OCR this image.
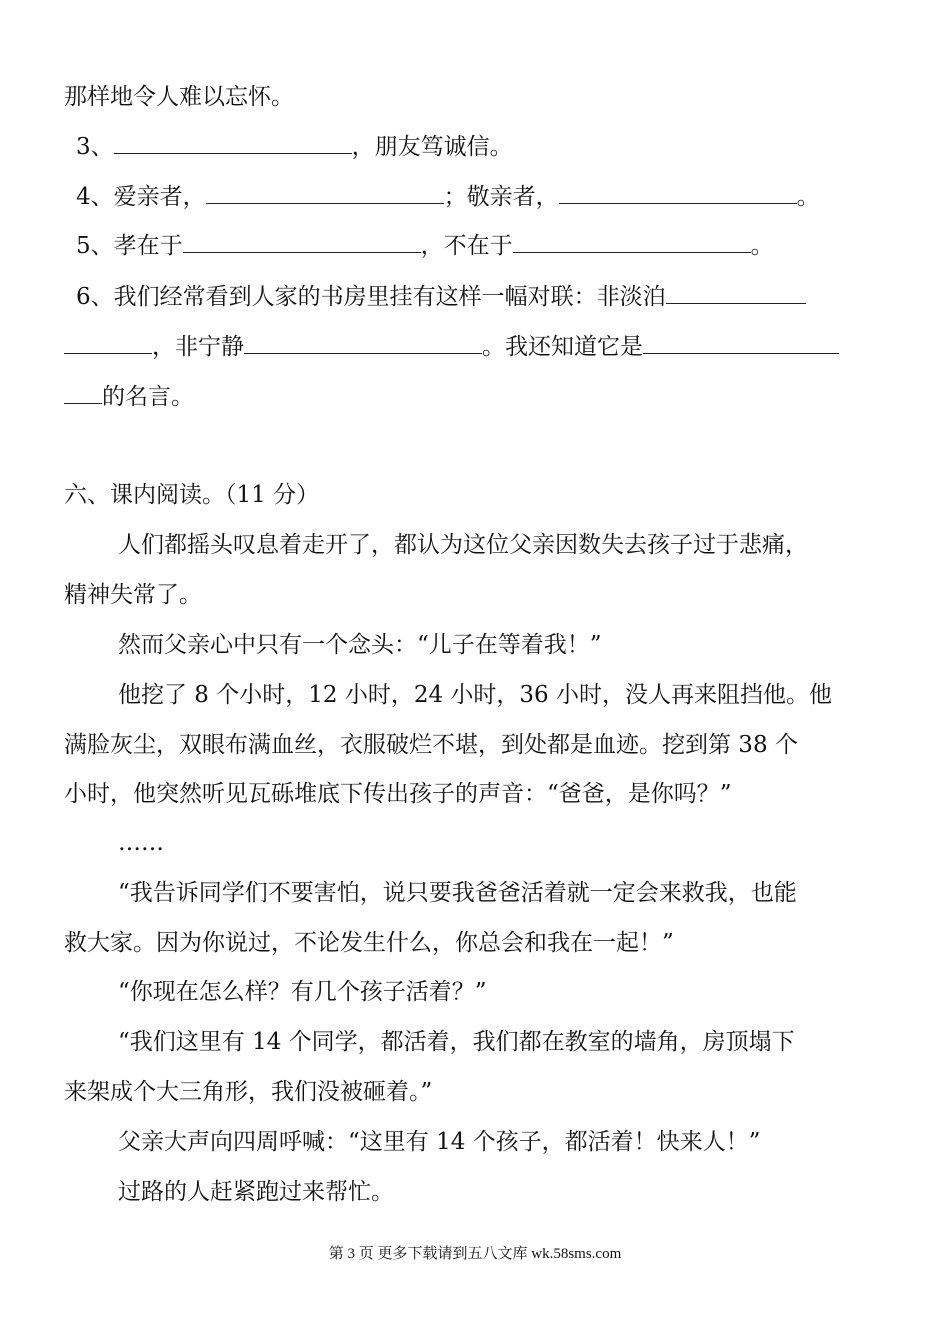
那样地令人难以忘怀。
3、	，朋友笃诚信。
4、爱亲者，	；敬亲者，	。
5、孝在于	，不在于	。
6、我们经常看到人家的书房里挂有这样一幅对联：非淡泊
，非宁静	。我还知道它是
的名言。
六、课内阅读。（11 分）
人们都摇头叹息着走开了，都认为这位父亲因数失去孩子过于悲痛，
精神失常了。
然而父亲心中只有一个念头：“儿子在等着我！”
他挖了 8 个小时，12 小时，24 小时，36 小时，没人再来阻挡他。他
满脸灰尘，双眼布满血丝，衣服破烂不堪，到处都是血迹。挖到第 38 个
小时，他突然听见瓦砾堆底下传出孩子的声音：“爸爸，是你吗？”
……
“我告诉同学们不要害怕，说只要我爸爸活着就一定会来救我，也能
救大家。因为你说过，不论发生什么，你总会和我在一起！”
“你现在怎么样？有几个孩子活着？”
“我们这里有 14 个同学，都活着，我们都在教室的墙角，房顶塌下
来架成个大三角形，我们没被砸着。”
父亲大声向四周呼喊：“这里有 14 个孩子，都活着！快来人！”
过路的人赶紧跑过来帮忙。
第 3 页 更多下载请到五八文库 wk.58sms.com
